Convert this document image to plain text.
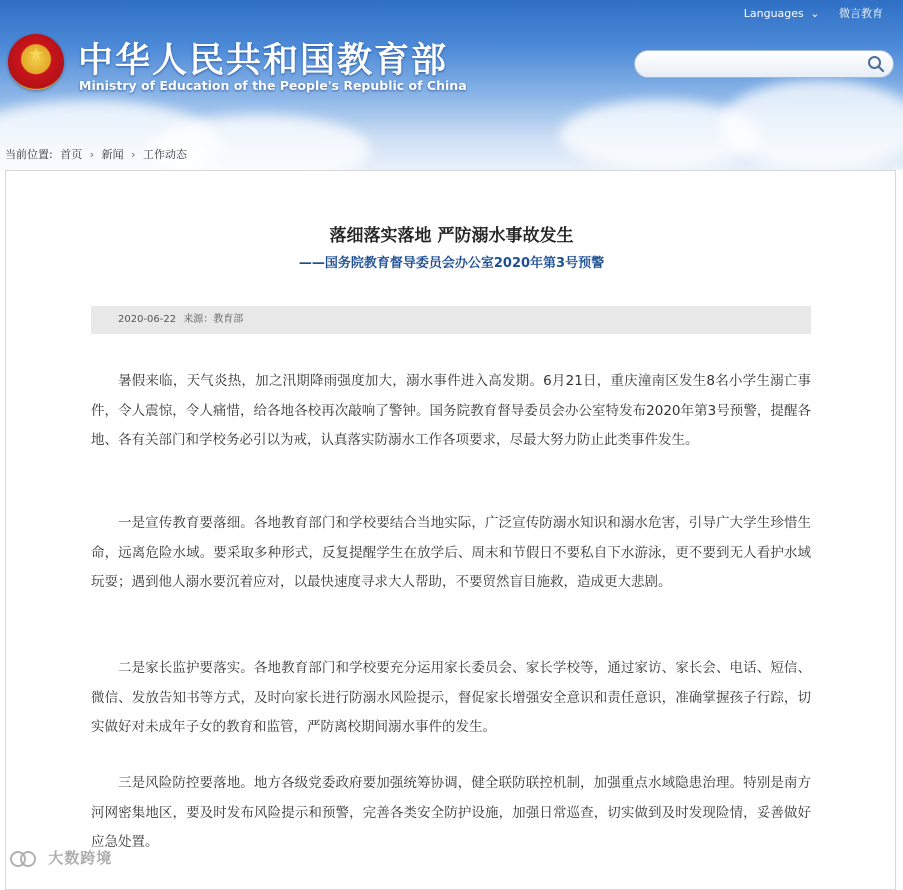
★
中华人民共和国教育部
Ministry of Education of the People's Republic of China
Languages ⌄ 微言教育
当前位置: 首页 › 新闻 › 工作动态
落细落实落地 严防溺水事故发生
——国务院教育督导委员会办公室2020年第3号预警
2020-06-22 来源：教育部

暑假来临，天气炎热，加之汛期降雨强度加大，溺水事件进入高发期。6月21日，重庆潼南区发生8名小学生溺亡事件，令人震惊，令人痛惜，给各地各校再次敲响了警钟。国务院教育督导委员会办公室特发布2020年第3号预警，提醒各地、各有关部门和学校务必引以为戒，认真落实防溺水工作各项要求，尽最大努力防止此类事件发生。

一是宣传教育要落细。各地教育部门和学校要结合当地实际，广泛宣传防溺水知识和溺水危害，引导广大学生珍惜生命，远离危险水域。要采取多种形式，反复提醒学生在放学后、周末和节假日不要私自下水游泳，更不要到无人看护水域玩耍；遇到他人溺水要沉着应对，以最快速度寻求大人帮助，不要贸然盲目施救，造成更大悲剧。

二是家长监护要落实。各地教育部门和学校要充分运用家长委员会、家长学校等，通过家访、家长会、电话、短信、微信、发放告知书等方式，及时向家长进行防溺水风险提示，督促家长增强安全意识和责任意识，准确掌握孩子行踪，切实做好对未成年子女的教育和监管，严防离校期间溺水事件的发生。

三是风险防控要落地。地方各级党委政府要加强统筹协调，健全联防联控机制，加强重点水域隐患治理。特别是南方河网密集地区，要及时发布风险提示和预警，完善各类安全防护设施，加强日常巡查，切实做到及时发现险情，妥善做好应急处置。

大数跨境
